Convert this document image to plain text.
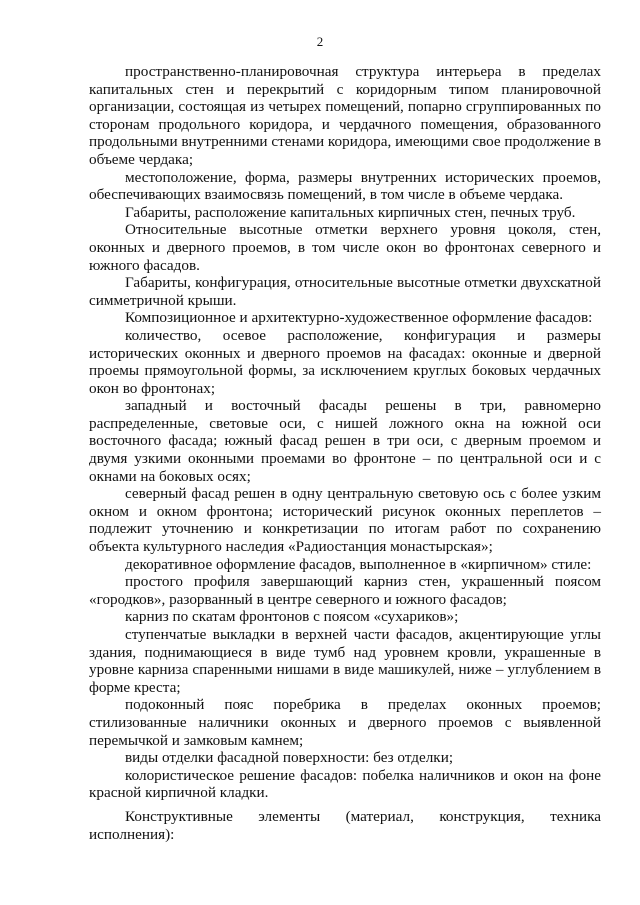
2

пространственно-планировочная структура интерьера в пределах капитальных стен и перекрытий с коридорным типом планировочной организации, состоящая из четырех помещений, попарно сгруппированных по сторонам продольного коридора, и чердачного помещения, образованного продольными внутренними стенами коридора, имеющими свое продолжение в объеме чердака;

местоположение, форма, размеры внутренних исторических проемов, обеспечивающих взаимосвязь помещений, в том числе в объеме чердака.

Габариты, расположение капитальных кирпичных стен, печных труб.

Относительные высотные отметки верхнего уровня цоколя, стен, оконных и дверного проемов, в том числе окон во фронтонах северного и южного фасадов.

Габариты, конфигурация, относительные высотные отметки двухскатной симметричной крыши.

Композиционное и архитектурно-художественное оформление фасадов:

количество, осевое расположение, конфигурация и размеры исторических оконных и дверного проемов на фасадах: оконные и дверной проемы прямоугольной формы, за исключением круглых боковых чердачных окон во фронтонах;

западный и восточный фасады решены в три, равномерно распределенные, световые оси, с нишей ложного окна на южной оси восточного фасада; южный фасад решен в три оси, с дверным проемом и двумя узкими оконными проемами во фронтоне – по центральной оси и с окнами на боковых осях;

северный фасад решен в одну центральную световую ось с более узким окном и окном фронтона; исторический рисунок оконных переплетов – подлежит уточнению и конкретизации по итогам работ по сохранению объекта культурного наследия «Радиостанция монастырская»;

декоративное оформление фасадов, выполненное в «кирпичном» стиле:

простого профиля завершающий карниз стен, украшенный поясом «городков», разорванный в центре северного и южного фасадов;

карниз по скатам фронтонов с поясом «сухариков»;

ступенчатые выкладки в верхней части фасадов, акцентирующие углы здания, поднимающиеся в виде тумб над уровнем кровли, украшенные в уровне карниза спаренными нишами в виде машикулей, ниже – углублением в форме креста;

подоконный пояс поребрика в пределах оконных проемов; стилизованные наличники оконных и дверного проемов с выявленной перемычкой и замковым камнем;

виды отделки фасадной поверхности: без отделки;

колористическое решение фасадов: побелка наличников и окон на фоне красной кирпичной кладки.

Конструктивные элементы (материал, конструкция, техника исполнения):
